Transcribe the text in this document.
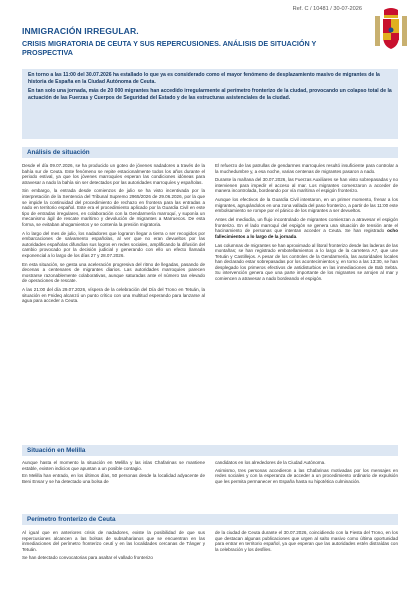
Ref. C / 10481 / 30-07-2026
INMIGRACIÓN IRREGULAR.
CRISIS MIGRATORIA DE CEUTA Y SUS REPERCUSIONES. ANÁLISIS DE SITUACIÓN Y PROSPECTIVA

En torno a las 11:00 del 30.07.2026 ha estallado lo que ya es considerado como el mayor fenómeno de desplazamiento masivo de migrantes de la historia de España en la Ciudad Autónoma de Ceuta.

En tan solo una jornada, más de 20 000 migrantes han accedido irregularmente al perímetro fronterizo de la ciudad, provocando un colapso total de la actuación de las Fuerzas y Cuerpos de Seguridad del Estado y de las estructuras asistenciales de la ciudad.

Análisis de situación

Desde el día 09.07.2026, se ha producido un goteo de jóvenes nadadores a través de la bahía sur de Ceuta. Este fenómeno se repite estacionalmente todos los años durante el periodo estival, ya que los jóvenes marroquíes esperan las condiciones idóneas para atravesar a nado la bahía sin ser detectados por las autoridades marroquíes y españolas.

Sin embargo, la entrada desde comienzos de julio se ha visto incentivada por la interpretación de la Sentencia del Tribunal Supremo 2965/2026 de 29.06.2026, por la que se impide la continuidad del procedimiento de rechazo en frontera para las entradas a nado en territorio español. Este era el procedimiento aplicado por la Guardia Civil en este tipo de entradas irregulares, en colaboración con la Gendarmería marroquí, y suponía un mecanismo ágil de rescate marítimo y devolución de migrantes a Marruecos. De esta forma, se evitaban ahogamientos y se contenía la presión migratoria.

A lo largo del mes de julio, los nadadores que lograron llegar a tierra o ser recogidos por embarcaciones de salvamento españolas, al ver que no eran devueltos por las autoridades españolas difundían sus logros en redes sociales, amplificando la difusión del cambio provocado por la decisión judicial y generando con ello un efecto llamada exponencial a lo largo de los días 27 y 28.07.2026.

En esta situación, se gesta una aceleración progresiva del ritmo de llegadas, pasando de decenas a centenares de migrantes diarios. Las autoridades marroquíes parecen mostrarse razonablemente colaborativas, aunque saturadas ante el número tan elevado de operaciones de rescate.

A las 21:00 del día 29.07.2026, víspera de la celebración del Día del Trono en Tetuán, la situación en Fnideq alcanzó un punto crítico con una multitud esperando para lanzarse al agua para acceder a Ceuta.

El refuerzo de las patrullas de gendarmes marroquíes resultó insuficiente para controlar a la muchedumbre y, a esa noche, varias centenas de migrantes pasaron a nado.

Durante la mañana del 30.07.2026, las Fuerzas Auxiliares se han visto sobrepasadas y no intervienen para impedir el acceso al mar. Los migrantes comenzaron a acceder de manera incontrolada, bordeando por vía marítima el espigón fronterizo.

Aunque los efectivos de la Guardia Civil intentaron, en un primer momento, frenar a los migrantes, agrupándolos en una zona vallada del paso fronterizo, a partir de las 11:00 este embolsamiento se rompe por el pánico de los migrantes a ser devueltos.

Antes del mediodía, un flujo incontrolado de migrantes comienzan a atravesar el espigón fronterizo. En el lado marroquí del espigón se genera una situación de tensión ante el hacinamiento de personas que intentan acceder a Ceuta. Se han registrado ocho fallecimientos a lo largo de la jornada.

Las columnas de migrantes se han aproximado al litoral fronterizo desde las laderas de las montañas; se han registrado embotellamientos a lo largo de la carretera A7, que une Tetuán y Castillejos. A pesar de los controles de la Gendarmería, las autoridades locales han declarado estar sobrepasadas por los acontecimientos y, en torno a las 13:30, se han desplegado los primeros efectivos de antidisturbios en las inmediaciones de Bab Sebta. Su intervención genera que una parte importante de los migrantes se arrojen al mar y comiencen a atravesar a nado bordeando el espigón.

Situación en Melilla

Aunque hasta el momento la situación en Melilla y las islas Chafarinas se mantiene estable, existen indicios que apuntan a un posible contagio.

En Melilla han entrado, en los últimos días, 50 personas desde la localidad adyacente de Beni Ensar y se ha detectado una bolsa de

candidatos en los alrededores de la Ciudad Autónoma.

Asimismo, tres personas accedieron a las Chafarinas motivadas por los mensajes en redes sociales y con la esperanza de acceder a un procedimiento ordinario de expulsión que les permita permanecer en España hasta su hipotética culminación.

Perímetro fronterizo de Ceuta

Al igual que en anteriores crisis de nadadores, existe la posibilidad de que sus repercusiones alcancen a las bolsas de subsaharianos que se encuentran en las inmediaciones del perímetro fronterizo ceutí y en las localidades cercanas de Tánger y Tetuán.

Se han detectado convocatorias para asaltar el vallado fronterizo

de la ciudad de Ceuta durante el 30.07.2026, coincidiendo con la Fiesta del Trono, en los que destacan algunas publicaciones que urgen al salto masivo como última oportunidad para entrar en territorio español, ya que esperan que las autoridades estén distraídas con la celebración y los desfiles.
